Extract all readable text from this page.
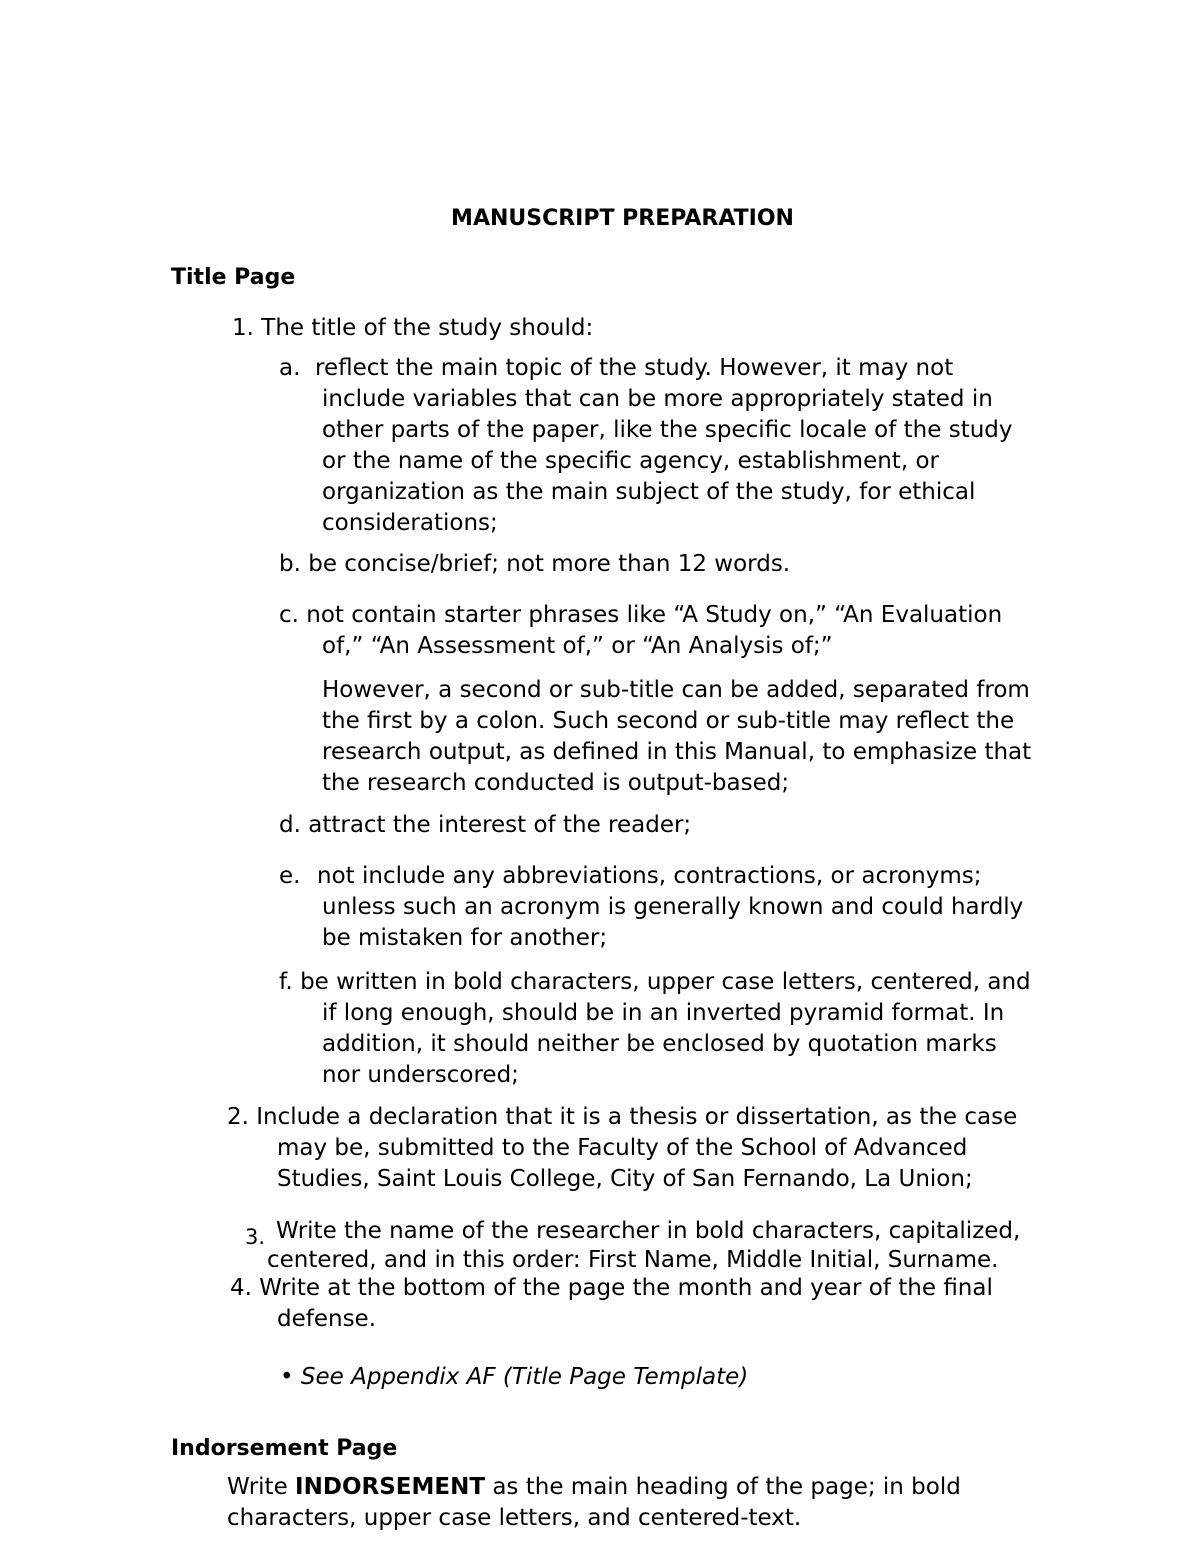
MANUSCRIPT PREPARATION
Title Page
1. The title of the study should:
a. reflect the main topic of the study. However, it may not
include variables that can be more appropriately stated in
other parts of the paper, like the specific locale of the study
or the name of the specific agency, establishment, or
organization as the main subject of the study, for ethical
considerations;
b. be concise/brief; not more than 12 words.
c. not contain starter phrases like “A Study on,” “An Evaluation
of,” “An Assessment of,” or “An Analysis of;”
However, a second or sub-title can be added, separated from
the first by a colon. Such second or sub-title may reflect the
research output, as defined in this Manual, to emphasize that
the research conducted is output-based;
d. attract the interest of the reader;
e. not include any abbreviations, contractions, or acronyms;
unless such an acronym is generally known and could hardly
be mistaken for another;
f. be written in bold characters, upper case letters, centered, and
if long enough, should be in an inverted pyramid format. In
addition, it should neither be enclosed by quotation marks
nor underscored;
2. Include a declaration that it is a thesis or dissertation, as the case
may be, submitted to the Faculty of the School of Advanced
Studies, Saint Louis College, City of San Fernando, La Union;
3. Write the name of the researcher in bold characters, capitalized,
centered, and in this order: First Name, Middle Initial, Surname.
4. Write at the bottom of the page the month and year of the final
defense.
• See Appendix AF (Title Page Template)
Indorsement Page
Write INDORSEMENT as the main heading of the page; in bold
characters, upper case letters, and centered-text.
